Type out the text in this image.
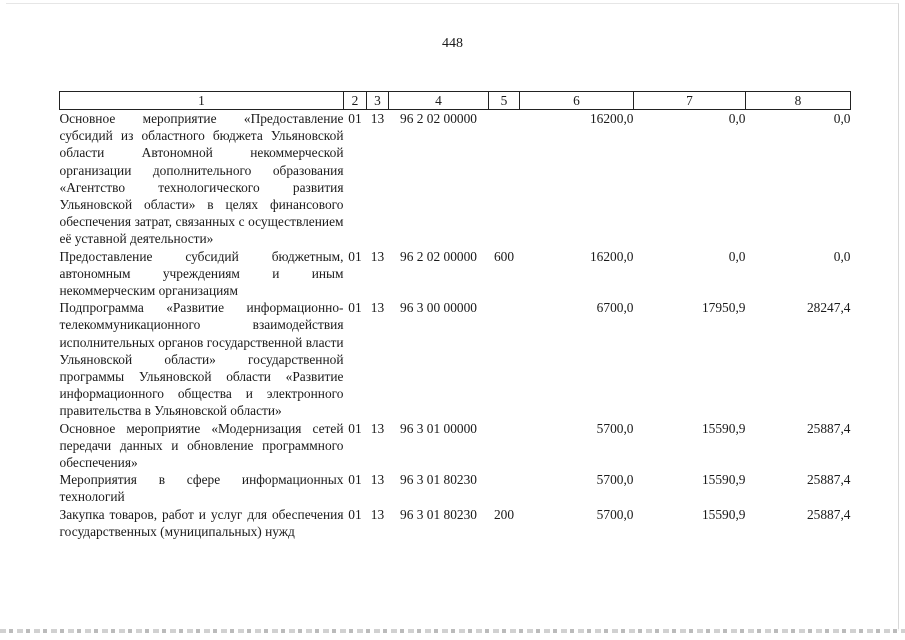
448
1	2	3	4	5	6	7	8
Основное мероприятие «Предоставление субсидий из областного бюджета Ульяновской области Автономной некоммерческой организации дополнительного образования «Агентство технологического развития Ульяновской области» в целях финансового обеспечения затрат, связанных с осуществлением её уставной деятельности»	01	13	96 2 02 00000		16200,0	0,0	0,0
Предоставление субсидий бюджетным, автономным учреждениям и иным некоммерческим организациям	01	13	96 2 02 00000	600	16200,0	0,0	0,0
Подпрограмма «Развитие информационно-телекоммуникационного взаимодействия исполнительных органов государственной власти Ульяновской области» государственной программы Ульяновской области «Развитие информационного общества и электронного правительства в Ульяновской области»	01	13	96 3 00 00000		6700,0	17950,9	28247,4
Основное мероприятие «Модернизация сетей передачи данных и обновление программного обеспечения»	01	13	96 3 01 00000		5700,0	15590,9	25887,4
Мероприятия в сфере информационных технологий	01	13	96 3 01 80230		5700,0	15590,9	25887,4
Закупка товаров, работ и услуг для обеспечения государственных (муниципальных) нужд	01	13	96 3 01 80230	200	5700,0	15590,9	25887,4
